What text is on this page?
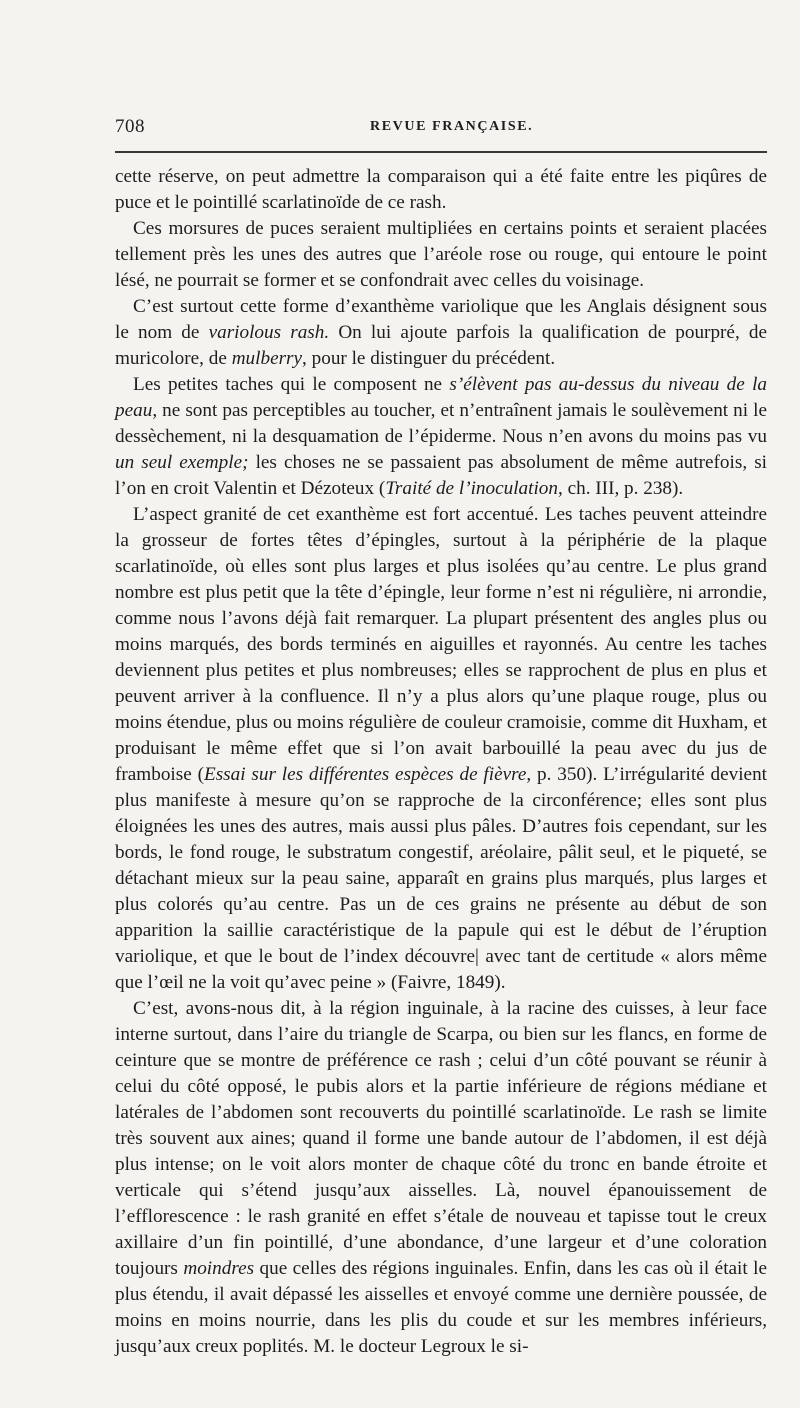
708	REVUE FRANÇAISE.

cette réserve, on peut admettre la comparaison qui a été faite entre les piqûres de puce et le pointillé scarlatinoïde de ce rash.

Ces morsures de puces seraient multipliées en certains points et seraient placées tellement près les unes des autres que l’aréole rose ou rouge, qui entoure le point lésé, ne pourrait se former et se confondrait avec celles du voisinage.

C’est surtout cette forme d’exanthème variolique que les Anglais désignent sous le nom de variolous rash. On lui ajoute parfois la qualification de pourpré, de muricolore, de mulberry, pour le distinguer du précédent.

Les petites taches qui le composent ne s’élèvent pas au-dessus du niveau de la peau, ne sont pas perceptibles au toucher, et n’entraînent jamais le soulèvement ni le dessèchement, ni la desquamation de l’épiderme. Nous n’en avons du moins pas vu un seul exemple; les choses ne se passaient pas absolument de même autrefois, si l’on en croit Valentin et Dézoteux (Traité de l’inoculation, ch. III, p. 238).

L’aspect granité de cet exanthème est fort accentué. Les taches peuvent atteindre la grosseur de fortes têtes d’épingles, surtout à la périphérie de la plaque scarlatinoïde, où elles sont plus larges et plus isolées qu’au centre. Le plus grand nombre est plus petit que la tête d’épingle, leur forme n’est ni régulière, ni arrondie, comme nous l’avons déjà fait remarquer. La plupart présentent des angles plus ou moins marqués, des bords terminés en aiguilles et rayonnés. Au centre les taches deviennent plus petites et plus nombreuses; elles se rapprochent de plus en plus et peuvent arriver à la confluence. Il n’y a plus alors qu’une plaque rouge, plus ou moins étendue, plus ou moins régulière de couleur cramoisie, comme dit Huxham, et produisant le même effet que si l’on avait barbouillé la peau avec du jus de framboise (Essai sur les différentes espèces de fièvre, p. 350). L’irrégularité devient plus manifeste à mesure qu’on se rapproche de la circonférence; elles sont plus éloignées les unes des autres, mais aussi plus pâles. D’autres fois cependant, sur les bords, le fond rouge, le substratum congestif, aréolaire, pâlit seul, et le piqueté, se détachant mieux sur la peau saine, apparaît en grains plus marqués, plus larges et plus colorés qu’au centre. Pas un de ces grains ne présente au début de son apparition la saillie caractéristique de la papule qui est le début de l’éruption variolique, et que le bout de l’index découvre| avec tant de certitude « alors même que l’œil ne la voit qu’avec peine » (Faivre, 1849).

C’est, avons-nous dit, à la région inguinale, à la racine des cuisses, à leur face interne surtout, dans l’aire du triangle de Scarpa, ou bien sur les flancs, en forme de ceinture que se montre de préférence ce rash ; celui d’un côté pouvant se réunir à celui du côté opposé, le pubis alors et la partie inférieure de régions médiane et latérales de l’abdomen sont recouverts du pointillé scarlatinoïde. Le rash se limite très souvent aux aines; quand il forme une bande autour de l’abdomen, il est déjà plus intense; on le voit alors monter de chaque côté du tronc en bande étroite et verticale qui s’étend jusqu’aux aisselles. Là, nouvel épanouissement de l’efflorescence : le rash granité en effet s’étale de nouveau et tapisse tout le creux axillaire d’un fin pointillé, d’une abondance, d’une largeur et d’une coloration toujours moindres que celles des régions inguinales. Enfin, dans les cas où il était le plus étendu, il avait dépassé les aisselles et envoyé comme une dernière poussée, de moins en moins nourrie, dans les plis du coude et sur les membres inférieurs, jusqu’aux creux poplités. M. le docteur Legroux le si-
